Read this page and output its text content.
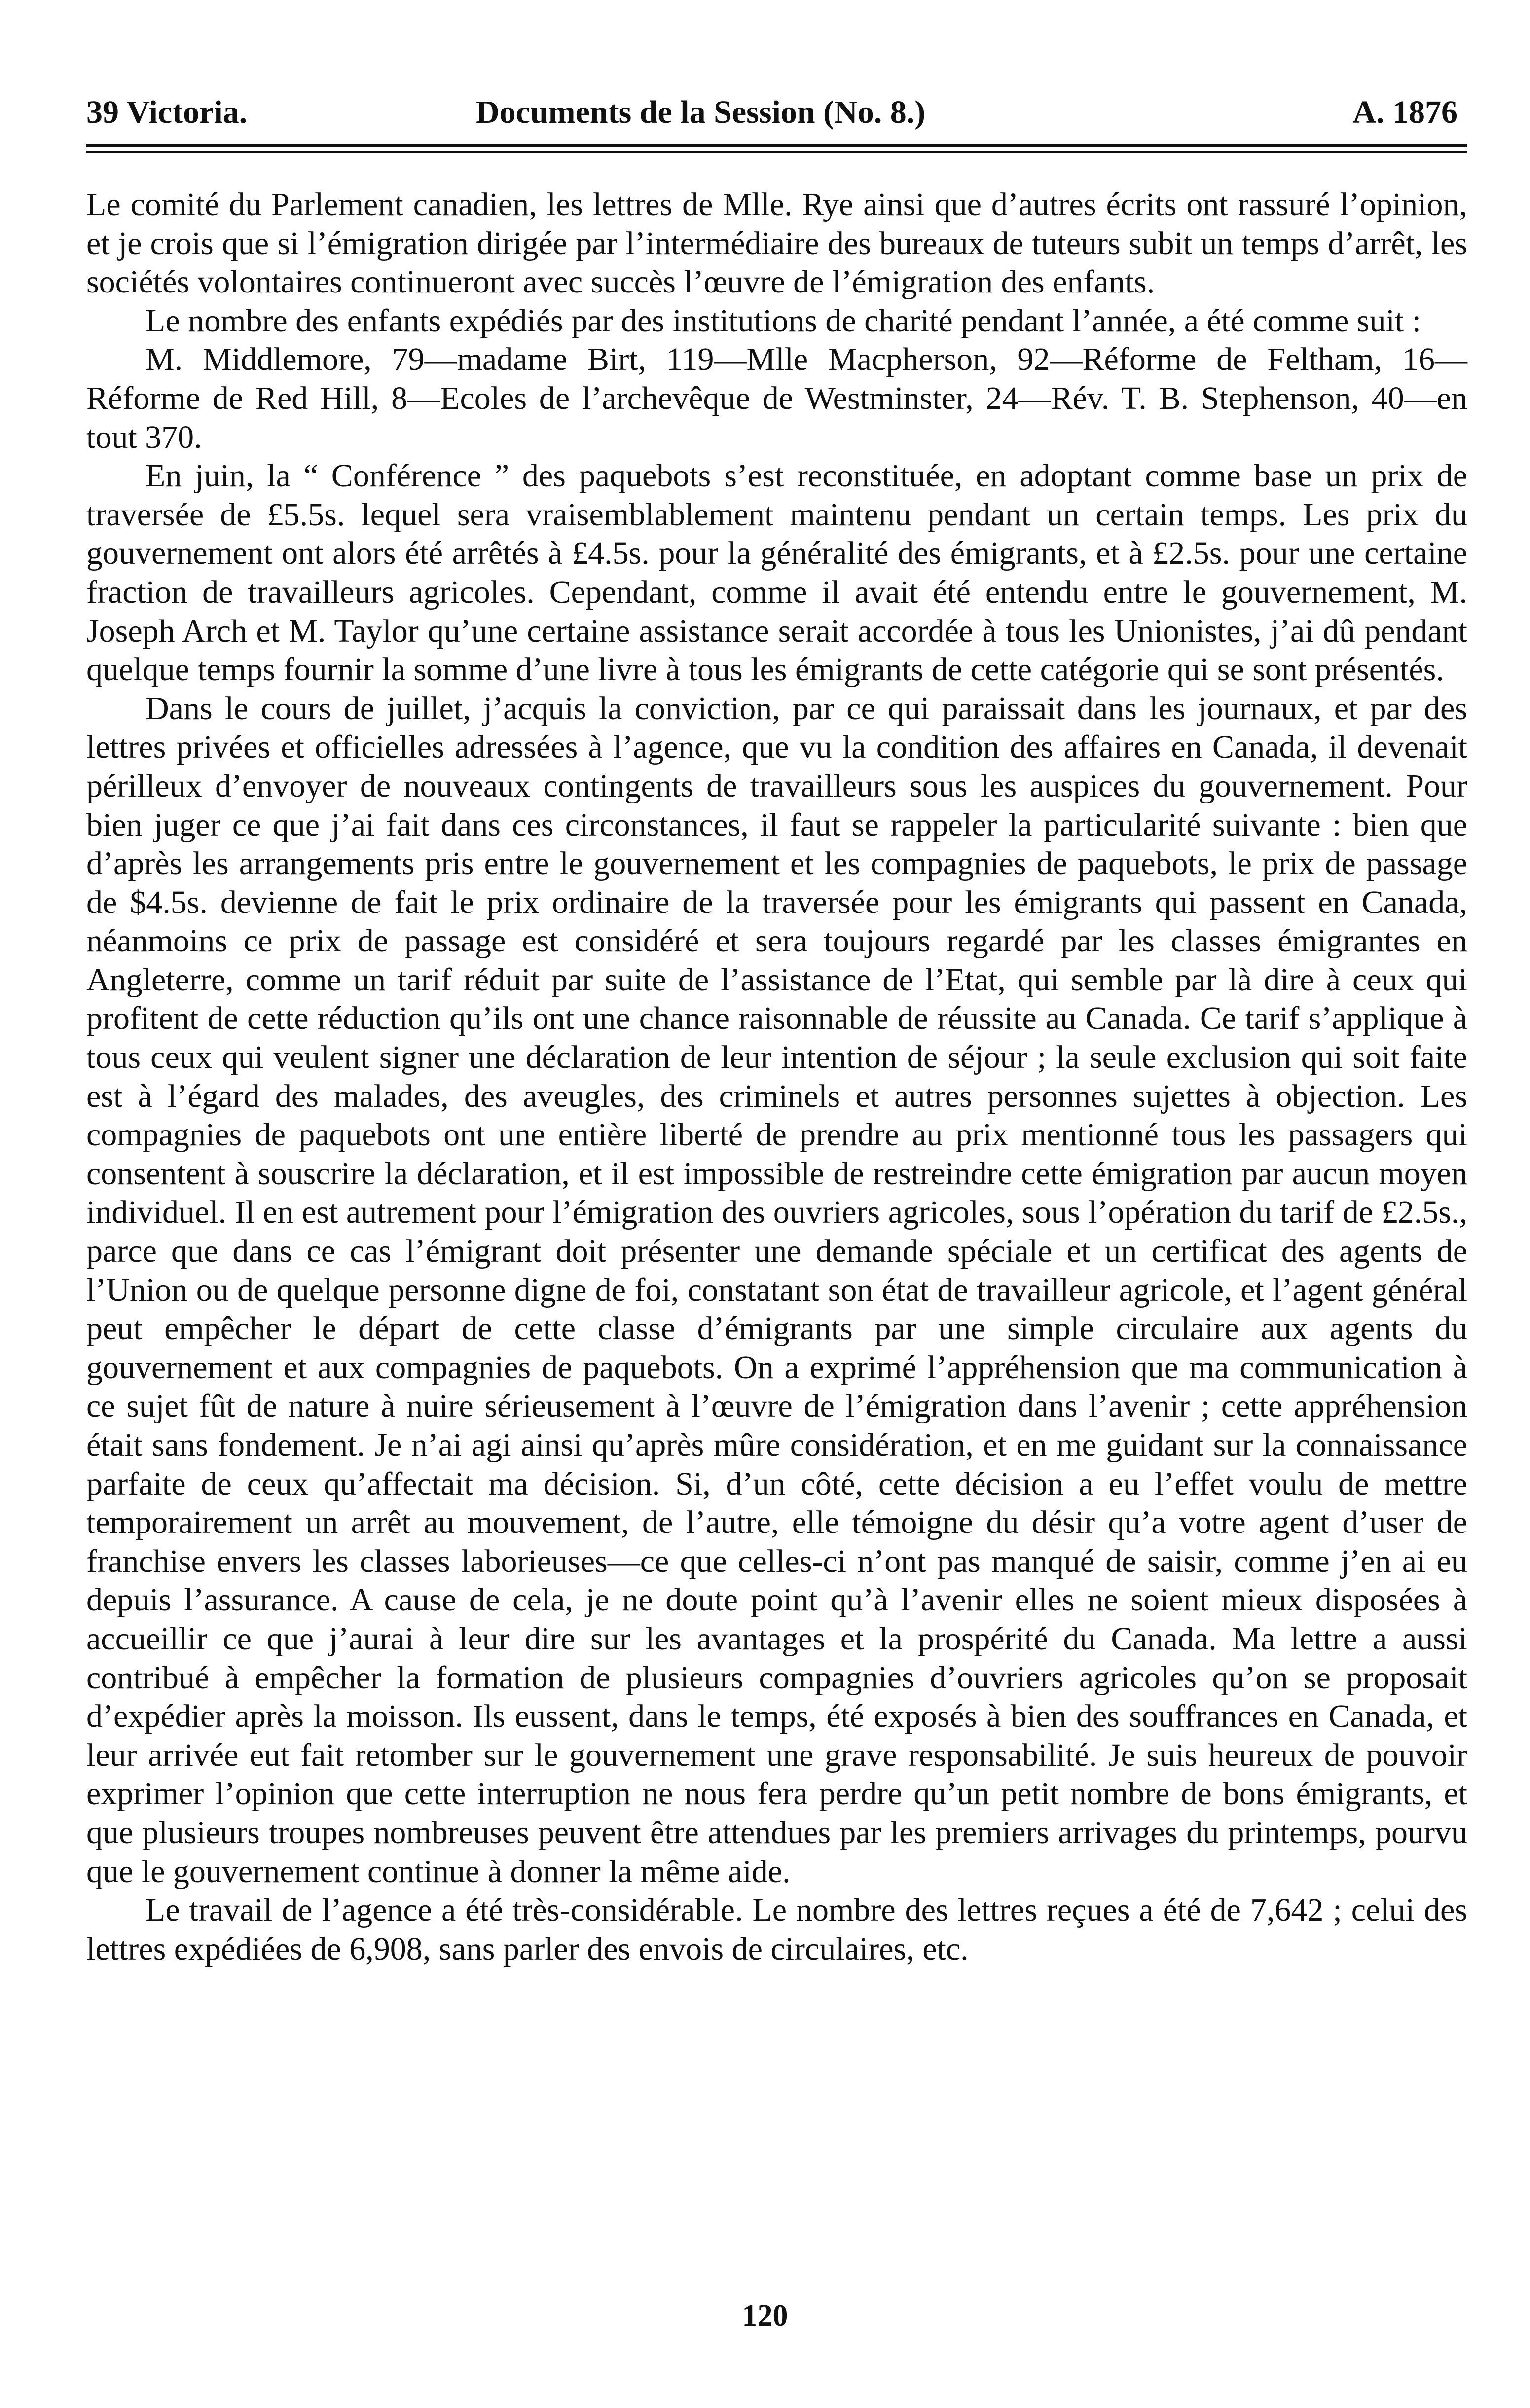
39 Victoria.	Documents de la Session (No. 8.)	A. 1876

Le comité du Parlement canadien, les lettres de Mlle. Rye ainsi que d’autres écrits ont rassuré l’opinion, et je crois que si l’émigration dirigée par l’intermédiaire des bureaux de tuteurs subit un temps d’arrêt, les sociétés volontaires continueront avec succès l’œuvre de l’émigration des enfants.

Le nombre des enfants expédiés par des institutions de charité pendant l’année, a été comme suit :

M. Middlemore, 79—madame Birt, 119—Mlle Macpherson, 92—Réforme de Feltham, 16—Réforme de Red Hill, 8—Ecoles de l’archevêque de Westminster, 24—Rév. T. B. Stephenson, 40—en tout 370.

En juin, la “ Conférence ” des paquebots s’est reconstituée, en adoptant comme base un prix de traversée de £5.5s. lequel sera vraisemblablement maintenu pendant un certain temps. Les prix du gouvernement ont alors été arrêtés à £4.5s. pour la généralité des émigrants, et à £2.5s. pour une certaine fraction de travailleurs agricoles. Cependant, comme il avait été entendu entre le gouvernement, M. Joseph Arch et M. Taylor qu’une certaine assistance serait accordée à tous les Unionistes, j’ai dû pendant quelque temps fournir la somme d’une livre à tous les émigrants de cette catégorie qui se sont présentés.

Dans le cours de juillet, j’acquis la conviction, par ce qui paraissait dans les journaux, et par des lettres privées et officielles adressées à l’agence, que vu la condition des affaires en Canada, il devenait périlleux d’envoyer de nouveaux contingents de travailleurs sous les auspices du gouvernement. Pour bien juger ce que j’ai fait dans ces circonstances, il faut se rappeler la particularité suivante : bien que d’après les arrangements pris entre le gouvernement et les compagnies de paquebots, le prix de passage de $4.5s. devienne de fait le prix ordinaire de la traversée pour les émigrants qui passent en Canada, néanmoins ce prix de passage est considéré et sera toujours regardé par les classes émigrantes en Angleterre, comme un tarif réduit par suite de l’assistance de l’Etat, qui semble par là dire à ceux qui profitent de cette réduction qu’ils ont une chance raisonnable de réussite au Canada. Ce tarif s’applique à tous ceux qui veulent signer une déclaration de leur intention de séjour ; la seule exclusion qui soit faite est à l’égard des malades, des aveugles, des criminels et autres personnes sujettes à objection. Les compagnies de paquebots ont une entière liberté de prendre au prix mentionné tous les passagers qui consentent à souscrire la déclaration, et il est impossible de restreindre cette émigration par aucun moyen individuel. Il en est autrement pour l’émigration des ouvriers agricoles, sous l’opération du tarif de £2.5s., parce que dans ce cas l’émigrant doit présenter une demande spéciale et un certificat des agents de l’Union ou de quelque personne digne de foi, constatant son état de travailleur agricole, et l’agent général peut empêcher le départ de cette classe d’émigrants par une simple circulaire aux agents du gouvernement et aux compagnies de paquebots. On a exprimé l’appréhension que ma communication à ce sujet fût de nature à nuire sérieusement à l’œuvre de l’émigration dans l’avenir ; cette appréhension était sans fondement. Je n’ai agi ainsi qu’après mûre considération, et en me guidant sur la connaissance parfaite de ceux qu’affectait ma décision. Si, d’un côté, cette décision a eu l’effet voulu de mettre temporairement un arrêt au mouvement, de l’autre, elle témoigne du désir qu’a votre agent d’user de franchise envers les classes laborieuses—ce que celles-ci n’ont pas manqué de saisir, comme j’en ai eu depuis l’assurance. A cause de cela, je ne doute point qu’à l’avenir elles ne soient mieux disposées à accueillir ce que j’aurai à leur dire sur les avantages et la prospérité du Canada. Ma lettre a aussi contribué à empêcher la formation de plusieurs compagnies d’ouvriers agricoles qu’on se proposait d’expédier après la moisson. Ils eussent, dans le temps, été exposés à bien des souffrances en Canada, et leur arrivée eut fait retomber sur le gouvernement une grave responsabilité. Je suis heureux de pouvoir exprimer l’opinion que cette interruption ne nous fera perdre qu’un petit nombre de bons émigrants, et que plusieurs troupes nombreuses peuvent être attendues par les premiers arrivages du printemps, pourvu que le gouvernement continue à donner la même aide.

Le travail de l’agence a été très-considérable. Le nombre des lettres reçues a été de 7,642 ; celui des lettres expédiées de 6,908, sans parler des envois de circulaires, etc.

120
